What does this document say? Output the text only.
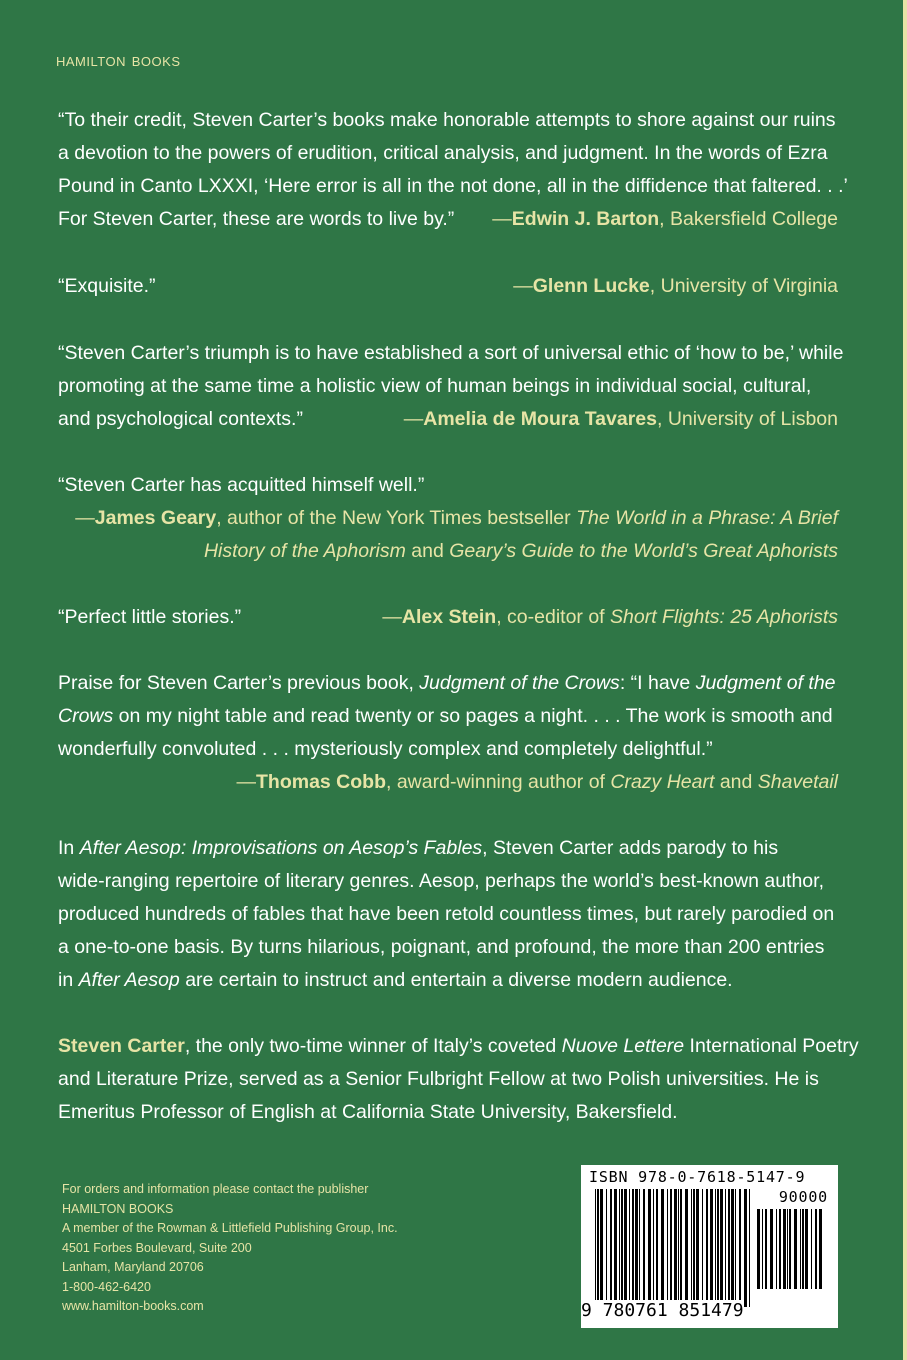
hamilton books
“To their credit, Steven Carter’s books make honorable attempts to shore against our ruins
a devotion to the powers of erudition, critical analysis, and judgment. In the words of Ezra
Pound in Canto LXXXI, ‘Here error is all in the not done, all in the diffidence that faltered. . .’
For Steven Carter, these are words to live by.” —Edwin J. Barton, Bakersfield College
“Exquisite.”	—Glenn Lucke, University of Virginia
“Steven Carter’s triumph is to have established a sort of universal ethic of ‘how to be,’ while
promoting at the same time a holistic view of human beings in individual social, cultural,
and psychological contexts.”	—Amelia de Moura Tavares, University of Lisbon
“Steven Carter has acquitted himself well.”
—James Geary, author of the New York Times bestseller The World in a Phrase: A Brief
History of the Aphorism and Geary’s Guide to the World’s Great Aphorists
“Perfect little stories.”	—Alex Stein, co-editor of Short Flights: 25 Aphorists
Praise for Steven Carter’s previous book, Judgment of the Crows: “I have Judgment of the
Crows on my night table and read twenty or so pages a night. . . . The work is smooth and
wonderfully convoluted . . . mysteriously complex and completely delightful.”
—Thomas Cobb, award-winning author of Crazy Heart and Shavetail
In After Aesop: Improvisations on Aesop’s Fables, Steven Carter adds parody to his
wide-ranging repertoire of literary genres. Aesop, perhaps the world’s best-known author,
produced hundreds of fables that have been retold countless times, but rarely parodied on
a one-to-one basis. By turns hilarious, poignant, and profound, the more than 200 entries
in After Aesop are certain to instruct and entertain a diverse modern audience.
Steven Carter, the only two-time winner of Italy’s coveted Nuove Lettere International Poetry
and Literature Prize, served as a Senior Fulbright Fellow at two Polish universities. He is
Emeritus Professor of English at California State University, Bakersfield.
For orders and information please contact the publisher
HAMILTON BOOKS
A member of the Rowman & Littlefield Publishing Group, Inc.
4501 Forbes Boulevard, Suite 200
Lanham, Maryland 20706
1-800-462-6420
www.hamilton-books.com
ISBN 978-0-7618-5147-9
90000
9 780761 851479
